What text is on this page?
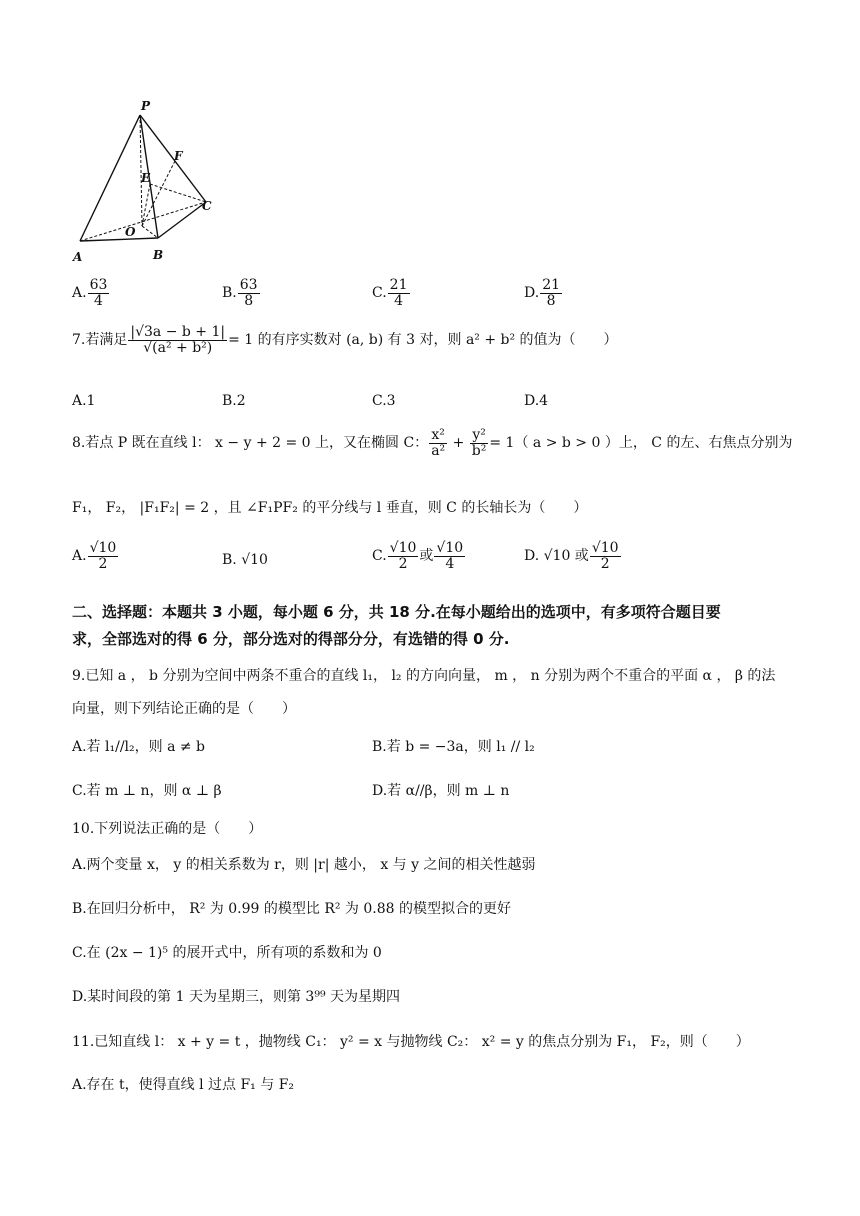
P
F
E
C
O
A	B
A. $\frac{63}{4}$	B. $\frac{63}{8}$	C. $\frac{21}{4}$	D. $\frac{21}{8}$
7.若满足 $\frac{|√3a - b + 1|}{\text{√(a² + b²)}} = 1$ 的有序实数对 (a, b) 有 3 对，则 a² + b² 的值为（　　）
A.1	B.2	C.3	D.4
8.若点 P 既在直线 l： x − y + 2 = 0 上，又在椭圆 C： $\frac{\text{x²}}{\text{a²}} + \frac{\text{y²}}{\text{b²}} = 1$（ a > b > 0 ）上， C 的左、右焦点分别为
F₁， F₂， |F₁F₂| = 2 ，且 ∠F₁PF₂ 的平分线与 l 垂直，则 C 的长轴长为（　　）
A. $\frac{√10}{2}$	B. √10	C. $\frac{√10}{2}$ 或 $\frac{√10}{4}$	D. √10 或 $\frac{√10}{2}$
二、选择题：本题共 3 小题，每小题 6 分，共 18 分.在每小题给出的选项中，有多项符合题目要
求，全部选对的得 6 分，部分选对的得部分分，有选错的得 0 分.
9.已知 a ， b 分别为空间中两条不重合的直线 l₁， l₂ 的方向向量， m ， n 分别为两个不重合的平面 α ， β 的法
向量，则下列结论正确的是（　　）
A.若 l₁//l₂，则 a ≠ b	B.若 b = −3a，则 l₁ // l₂
C.若 m ⊥ n，则 α ⊥ β	D.若 α//β，则 m ⊥ n
10.下列说法正确的是（　　）
A.两个变量 x， y 的相关系数为 r，则 |r| 越小， x 与 y 之间的相关性越弱
B.在回归分析中， R² 为 0.99 的模型比 R² 为 0.88 的模型拟合的更好
C.在 (2x − 1)⁵ 的展开式中，所有项的系数和为 0
D.某时间段的第 1 天为星期三，则第 3⁹⁹ 天为星期四
11.已知直线 l： x + y = t ，抛物线 C₁： y² = x 与抛物线 C₂： x² = y 的焦点分别为 F₁， F₂，则（　　）
A.存在 t，使得直线 l 过点 F₁ 与 F₂
